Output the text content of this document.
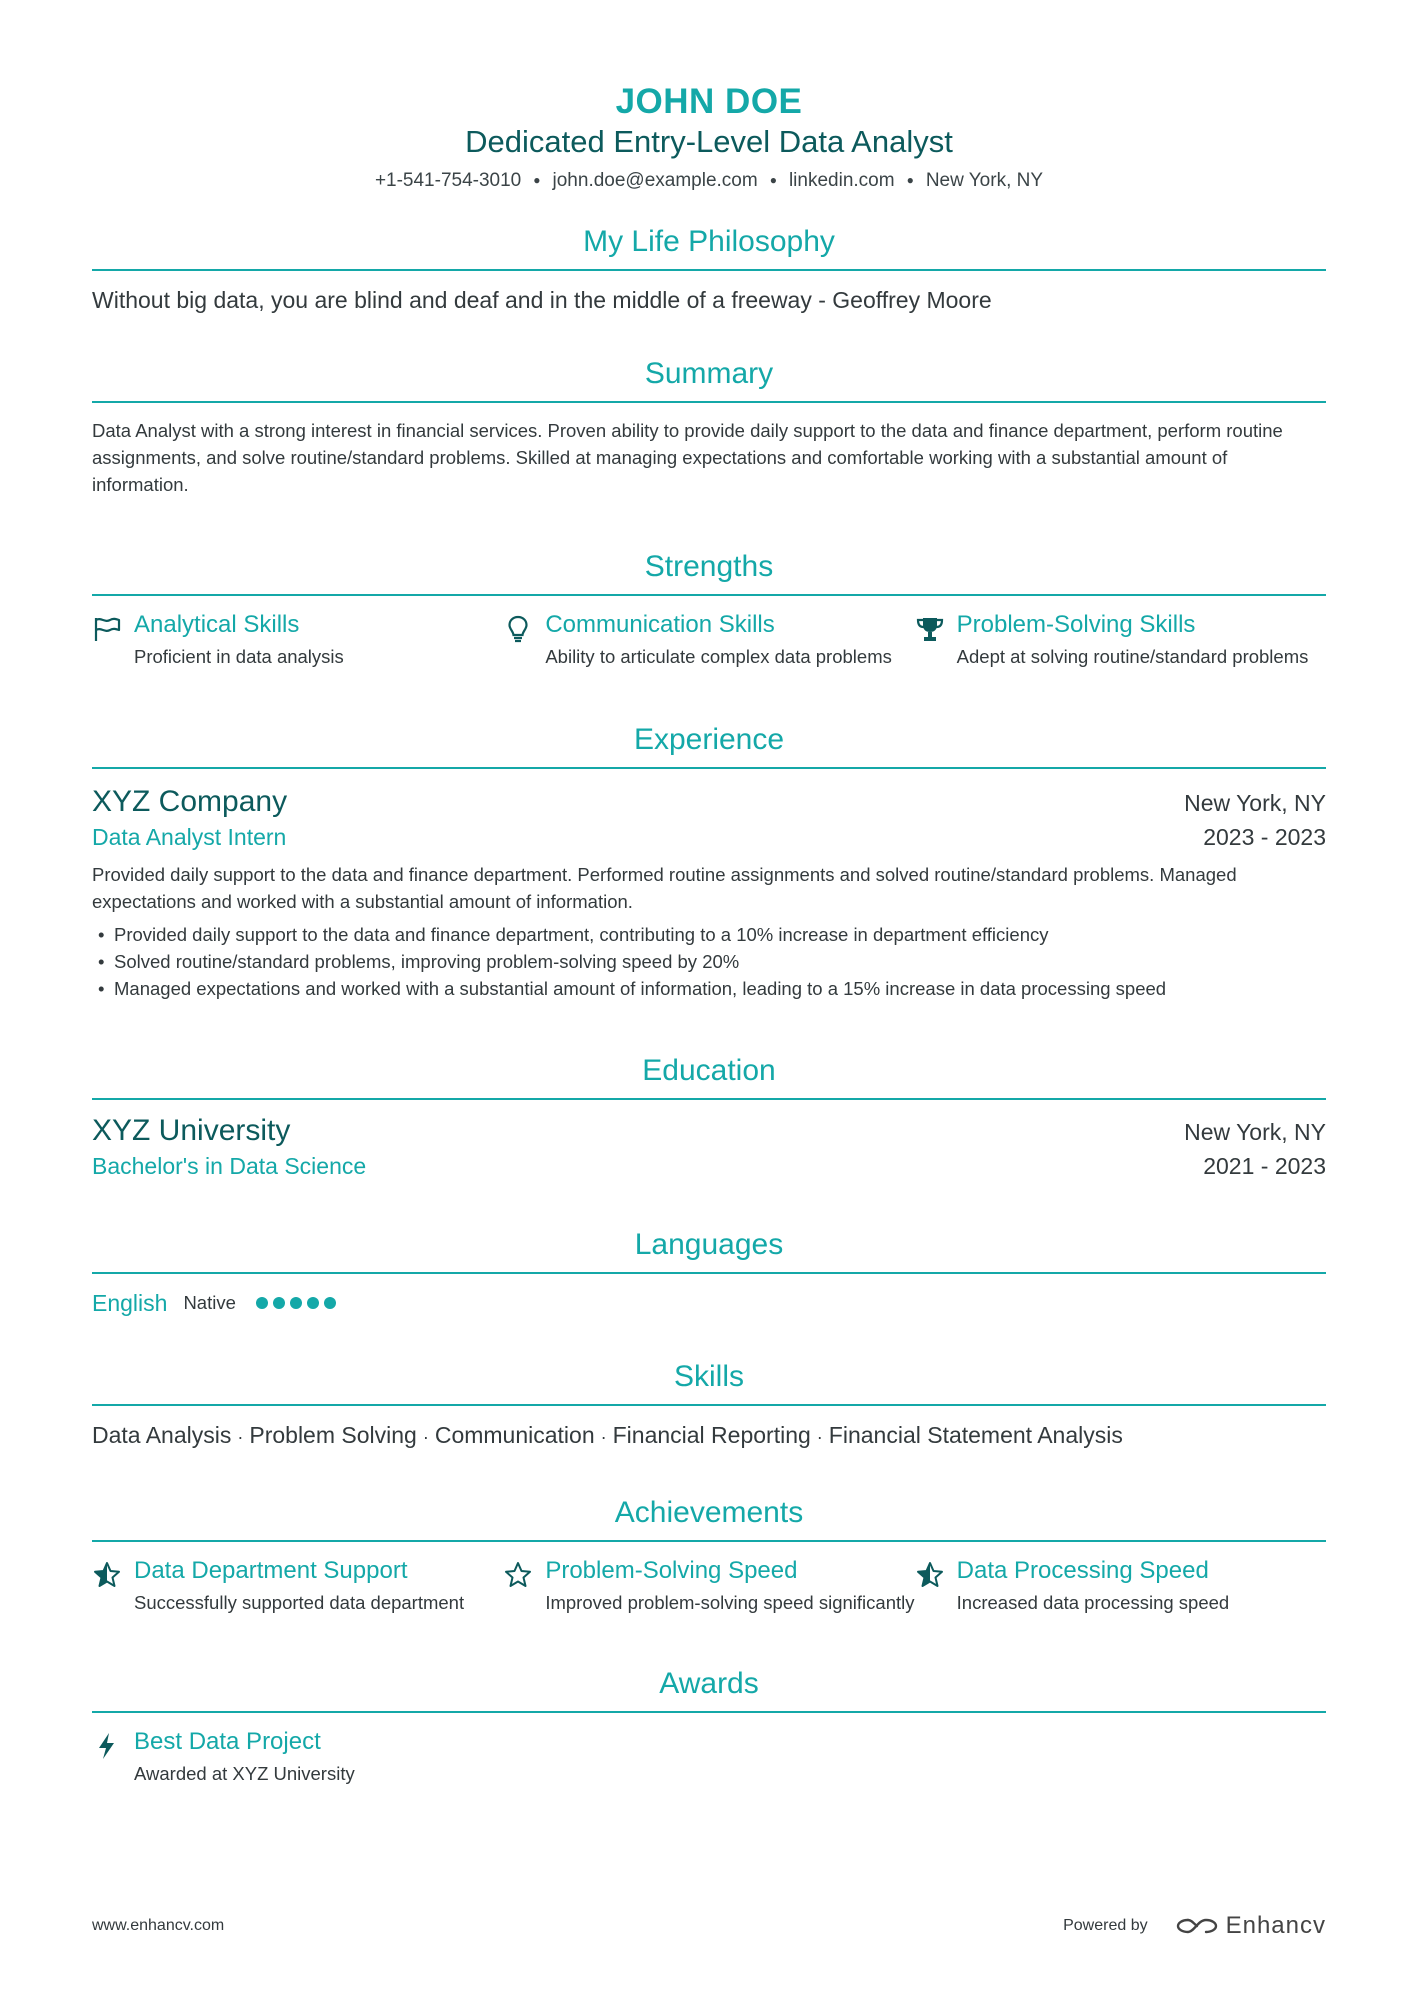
JOHN DOE
Dedicated Entry-Level Data Analyst
+1-541-754-3010 ● john.doe@example.com ● linkedin.com ● New York, NY
My Life Philosophy
Without big data, you are blind and deaf and in the middle of a freeway - Geoffrey Moore
Summary
Data Analyst with a strong interest in financial services. Proven ability to provide daily support to the data and finance department, perform routine assignments, and solve routine/standard problems. Skilled at managing expectations and comfortable working with a substantial amount of information.
Strengths
Analytical Skills
Proficient in data analysis
Communication Skills
Ability to articulate complex data problems
Problem-Solving Skills
Adept at solving routine/standard problems
Experience
XYZ Company	New York, NY
Data Analyst Intern	2023 - 2023
Provided daily support to the data and finance department. Performed routine assignments and solved routine/standard problems. Managed expectations and worked with a substantial amount of information.
• Provided daily support to the data and finance department, contributing to a 10% increase in department efficiency
• Solved routine/standard problems, improving problem-solving speed by 20%
• Managed expectations and worked with a substantial amount of information, leading to a 15% increase in data processing speed
Education
XYZ University	New York, NY
Bachelor's in Data Science	2021 - 2023
Languages
English Native
Skills
Data Analysis · Problem Solving · Communication · Financial Reporting · Financial Statement Analysis
Achievements
Data Department Support
Successfully supported data department
Problem-Solving Speed
Improved problem-solving speed significantly
Data Processing Speed
Increased data processing speed
Awards
Best Data Project
Awarded at XYZ University
www.enhancv.com	Powered by	Enhancv
